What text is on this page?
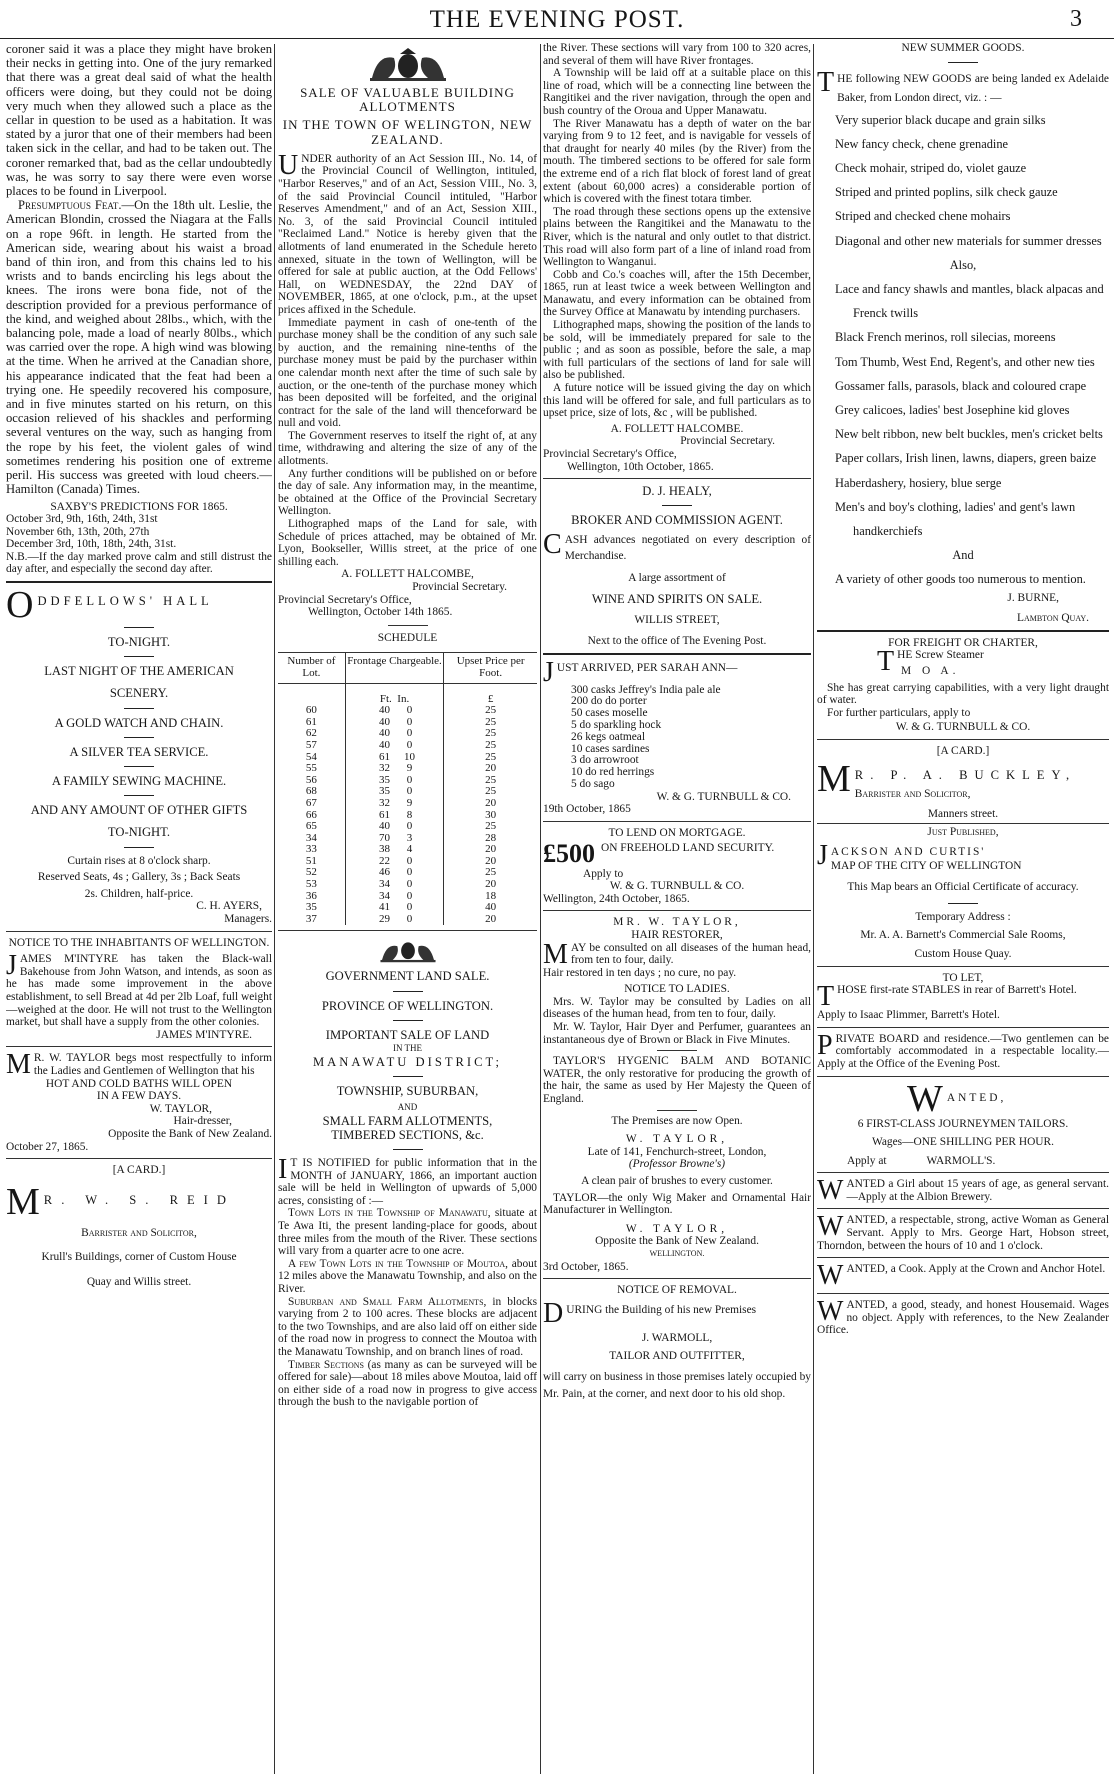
THE EVENING POST.	3

coroner said it was a place they might have broken their necks in getting into. One of the jury remarked that there was a great deal said of what the health officers were doing, but they could not be doing very much when they allowed such a place as the cellar in question to be used as a habitation. It was stated by a juror that one of their members had been taken sick in the cellar, and had to be taken out. The coroner remarked that, bad as the cellar undoubtedly was, he was sorry to say there were even worse places to be found in Liverpool.

Presumptuous Feat.—On the 18th ult. Leslie, the American Blondin, crossed the Niagara at the Falls on a rope 96ft. in length. He started from the American side, wearing about his waist a broad band of thin iron, and from this chains led to his wrists and to bands encircling his legs about the knees. The irons were bona fide, not of the description provided for a previous performance of the kind, and weighed about 28lbs., which, with the balancing pole, made a load of nearly 80lbs., which was carried over the rope. A high wind was blowing at the time. When he arrived at the Canadian shore, his appearance indicated that the feat had been a trying one. He speedily recovered his composure, and in five minutes started on his return, on this occasion relieved of his shackles and performing several ventures on the way, such as hanging from the rope by his feet, the violent gales of wind sometimes rendering his position one of extreme peril. His success was greeted with loud cheers.—Hamilton (Canada) Times.

SAXBY'S PREDICTIONS FOR 1865.

October 3rd, 9th, 16th, 24th, 31st

November 6th, 13th, 20th, 27th

December 3rd, 10th, 18th, 24th, 31st.

N.B.—If the day marked prove calm and still distrust the day after, and especially the second day after.

O DDFELLOWS' HALL

TO-NIGHT.

LAST NIGHT OF THE AMERICAN

SCENERY.

A GOLD WATCH AND CHAIN.

A SILVER TEA SERVICE.

A FAMILY SEWING MACHINE.

AND ANY AMOUNT OF OTHER GIFTS

TO-NIGHT.

Curtain rises at 8 o'clock sharp.

Reserved Seats, 4s ; Gallery, 3s ; Back Seats

2s. Children, half-price.

C. H. AYERS,

Managers.

NOTICE TO THE INHABITANTS OF WELLINGTON.

J AMES M'INTYRE has taken the Black-wall Bakehouse from John Watson, and intends, as soon as he has made some improvement in the above establishment, to sell Bread at 4d per 2lb Loaf, full weight—weighed at the door. He will not trust to the Wellington market, but shall have a supply from the other colonies.

JAMES M'INTYRE.

M R. W. TAYLOR begs most respectfully to inform the Ladies and Gentlemen of Wellington that his

HOT AND COLD BATHS WILL OPEN

IN A FEW DAYS.

W. TAYLOR,

Hair-dresser,

Opposite the Bank of New Zealand.

October 27, 1865.

[A CARD.]

M R. W. S. REID

Barrister and Solicitor,

Krull's Buildings, corner of Custom House

Quay and Willis street.

SALE OF VALUABLE BUILDING ALLOTMENTS

IN THE TOWN OF WELINGTON, NEW ZEALAND.

U NDER authority of an Act Session III., No. 14, of the Provincial Council of Wellington, intituled, "Harbor Reserves," and of an Act, Session VIII., No. 3, of the said Provincial Council intituled, "Harbor Reserves Amendment," and of an Act, Session XIII., No. 3, of the said Provincial Council intituled "Reclaimed Land." Notice is hereby given that the allotments of land enumerated in the Schedule hereto annexed, situate in the town of Wellington, will be offered for sale at public auction, at the Odd Fellows' Hall, on WEDNESDAY, the 22nd DAY of NOVEMBER, 1865, at one o'clock, p.m., at the upset prices affixed in the Schedule.

Immediate payment in cash of one-tenth of the purchase money shall be the condition of any such sale by auction, and the remaining nine-tenths of the purchase money must be paid by the purchaser within one calendar month next after the time of such sale by auction, or the one-tenth of the purchase money which has been deposited will be forfeited, and the original contract for the sale of the land will thenceforward be null and void.

The Government reserves to itself the right of, at any time, withdrawing and altering the size of any of the allotments.

Any further conditions will be published on or before the day of sale. Any information may, in the meantime, be obtained at the Office of the Provincial Secretary Wellington.

Lithographed maps of the Land for sale, with Schedule of prices attached, may be obtained of Mr. Lyon, Bookseller, Willis street, at the price of one shilling each.

A. FOLLETT HALCOMBE,

Provincial Secretary.

Provincial Secretary's Office,

Wellington, October 14th 1865.

SCHEDULE

Number of Lot.	Frontage Chargeable.	Upset Price per Foot.
	Ft. In.	£
60	40 0	25
61	40 0	25
62	40 0	25
57	40 0	25
54	61 10	25
55	32 9	20
56	35 0	25
68	35 0	25
67	32 9	20
66	61 8	30
65	40 0	25
34	70 3	28
33	38 4	20
51	22 0	20
52	46 0	25
53	34 0	20
36	34 0	18
35	41 0	40
37	29 0	20

GOVERNMENT LAND SALE.

PROVINCE OF WELLINGTON.

IMPORTANT SALE OF LAND

IN THE

MANAWATU DISTRICT;

TOWNSHIP, SUBURBAN,

AND

SMALL FARM ALLOTMENTS,

TIMBERED SECTIONS, &c.

I T IS NOTIFIED for public information that in the MONTH of JANUARY, 1866, an important auction sale will be held in Wellington of upwards of 5,000 acres, consisting of :—

Town Lots in the Township of Manawatu, situate at Te Awa Iti, the present landing-place for goods, about three miles from the mouth of the River. These sections will vary from a quarter acre to one acre.

A few Town Lots in the Township of Moutoa, about 12 miles above the Manawatu Township, and also on the River.

Suburban and Small Farm Allotments, in blocks varying from 2 to 100 acres. These blocks are adjacent to the two Townships, and are also laid off on either side of the road now in progress to connect the Moutoa with the Manawatu Township, and on branch lines of road.

Timber Sections (as many as can be surveyed will be offered for sale)—about 18 miles above Moutoa, laid off on either side of a road now in progress to give access through the bush to the navigable portion of

the River. These sections will vary from 100 to 320 acres, and several of them will have River frontages.

A Township will be laid off at a suitable place on this line of road, which will be a connecting line between the Rangitikei and the river navigation, through the open and bush country of the Oroua and Upper Manawatu.

The River Manawatu has a depth of water on the bar varying from 9 to 12 feet, and is navigable for vessels of that draught for nearly 40 miles (by the River) from the mouth. The timbered sections to be offered for sale form the extreme end of a rich flat block of forest land of great extent (about 60,000 acres) a considerable portion of which is covered with the finest totara timber.

The road through these sections opens up the extensive plains between the Rangitikei and the Manawatu to the River, which is the natural and only outlet to that district. This road will also form part of a line of inland road from Wellington to Wanganui.

Cobb and Co.'s coaches will, after the 15th December, 1865, run at least twice a week between Wellington and Manawatu, and every information can be obtained from the Survey Office at Manawatu by intending purchasers.

Lithographed maps, showing the position of the lands to be sold, will be immediately prepared for sale to the public ; and as soon as possible, before the sale, a map with full particulars of the sections of land for sale will also be published.

A future notice will be issued giving the day on which this land will be offered for sale, and full particulars as to upset price, size of lots, &c , will be published.

A. FOLLETT HALCOMBE.

Provincial Secretary.

Provincial Secretary's Office,

Wellington, 10th October, 1865.

D. J. HEALY,

BROKER AND COMMISSION AGENT.

C ASH advances negotiated on every description of Merchandise.

A large assortment of

WINE AND SPIRITS ON SALE.

WILLIS STREET,

Next to the office of The Evening Post.

J UST ARRIVED, PER SARAH ANN—

300 casks Jeffrey's India pale ale

200 do do porter

50 cases moselle

5 do sparkling hock

26 kegs oatmeal

10 cases sardines

3 do arrowroot

10 do red herrings

5 do sago

W. & G. TURNBULL & CO.

19th October, 1865

TO LEND ON MORTGAGE.

£500 ON FREEHOLD LAND SECURITY.

Apply to

W. & G. TURNBULL & CO.

Wellington, 24th October, 1865.

MR. W. TAYLOR,

HAIR RESTORER,

M AY be consulted on all diseases of the human head, from ten to four, daily.

Hair restored in ten days ; no cure, no pay.

NOTICE TO LADIES.

Mrs. W. Taylor may be consulted by Ladies on all diseases of the human head, from ten to four, daily.

Mr. W. Taylor, Hair Dyer and Perfumer, guarantees an instantaneous dye of Brown or Black in Five Minutes.

TAYLOR'S HYGENIC BALM AND BOTANIC WATER, the only restorative for producing the growth of the hair, the same as used by Her Majesty the Queen of England.

The Premises are now Open.

W. TAYLOR,

Late of 141, Fenchurch-street, London,

(Professor Browne's)

A clean pair of brushes to every customer.

TAYLOR—the only Wig Maker and Ornamental Hair Manufacturer in Wellington.

W. TAYLOR,

Opposite the Bank of New Zealand.

WELLINGTON.

3rd October, 1865.

NOTICE OF REMOVAL.

D URING the Building of his new Premises

J. WARMOLL,

TAILOR AND OUTFITTER,

will carry on business in those premises lately occupied by Mr. Pain, at the corner, and next door to his old shop.

NEW SUMMER GOODS.

T HE following NEW GOODS are being landed ex Adelaide Baker, from London direct, viz. : —

Very superior black ducape and grain silks

New fancy check, chene grenadine

Check mohair, striped do, violet gauze

Striped and printed poplins, silk check gauze

Striped and checked chene mohairs

Diagonal and other new materials for summer dresses

Also,

Lace and fancy shawls and mantles, black alpacas and Frenck twills

Black French merinos, roll silecias, moreens

Tom Thumb, West End, Regent's, and other new ties

Gossamer falls, parasols, black and coloured crape

Grey calicoes, ladies' best Josephine kid gloves

New belt ribbon, new belt buckles, men's cricket belts

Paper collars, Irish linen, lawns, diapers, green baize

Haberdashery, hosiery, blue serge

Men's and boy's clothing, ladies' and gent's lawn handkerchiefs

And

A variety of other goods too numerous to mention.

J. BURNE,

Lambton Quay.

FOR FREIGHT OR CHARTER,

T HE Screw Steamer

M O A.

She has great carrying capabilities, with a very light draught of water.

For further particulars, apply to

W. & G. TURNBULL & CO.

[A CARD.]

M R. P. A. BUCKLEY,

Barrister and Solicitor,

Manners street.

Just Published,

J ACKSON AND CURTIS'

MAP OF THE CITY OF WELLINGTON

This Map bears an Official Certificate of accuracy.

Temporary Address :

Mr. A. A. Barnett's Commercial Sale Rooms,

Custom House Quay.

TO LET,

T HOSE first-rate STABLES in rear of Barrett's Hotel.

Apply to Isaac Plimmer, Barrett's Hotel.

P RIVATE BOARD and residence.—Two gentlemen can be comfortably accommodated in a respectable locality.—Apply at the Office of the Evening Post.

W ANTED,

6 FIRST-CLASS JOURNEYMEN TAILORS.

Wages—ONE SHILLING PER HOUR.

Apply at	WARMOLL'S.

W ANTED a Girl about 15 years of age, as general servant.—Apply at the Albion Brewery.

W ANTED, a respectable, strong, active Woman as General Servant. Apply to Mrs. George Hart, Hobson street, Thorndon, between the hours of 10 and 1 o'clock.

W ANTED, a Cook. Apply at the Crown and Anchor Hotel.

W ANTED, a good, steady, and honest Housemaid. Wages no object. Apply with references, to the New Zealander Office.
